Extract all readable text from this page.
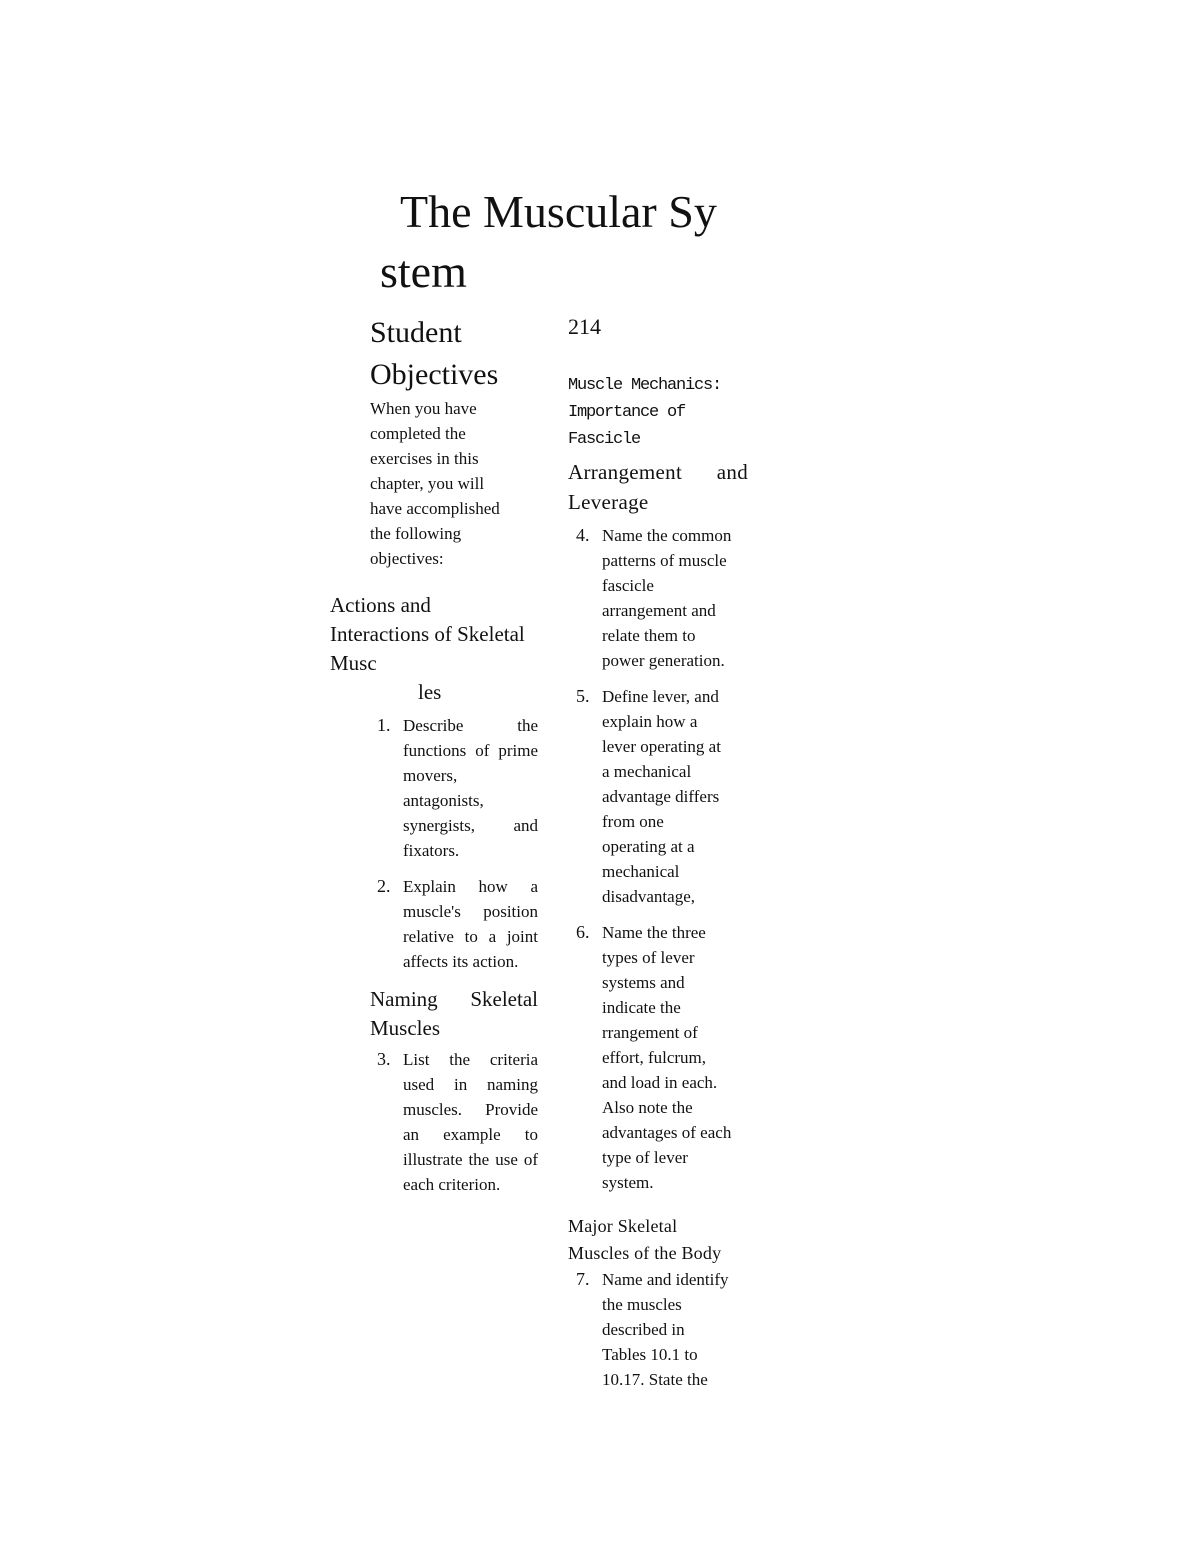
The Muscular Sy
stem
Student Objectives

When you have completed the exercises in this chapter, you will have accomplished the following objectives:

Actions and Interactions of Skeletal Musc
les
1. Describe the functions of prime movers, antagonists, synergists, and fixators.
2. Explain how a muscle's position relative to a joint affects its action.
Naming Skeletal Muscles
3. List the criteria used in naming muscles. Provide an example to illustrate the use of each criterion.
214
Muscle Mechanics: Importance of Fascicle
Arrangement and Leverage
4. Name the common patterns of muscle fascicle arrangement and relate them to power generation.
5. Define lever, and explain how a lever operating at a mechanical advantage differs from one operating at a mechanical disadvantage,
6. Name the three types of lever systems and indicate the rrangement of effort, fulcrum, and load in each. Also note the advantages of each type of lever system.
Major Skeletal Muscles of the Body
7. Name and identify the muscles described in Tables 10.1 to 10.17. State the
